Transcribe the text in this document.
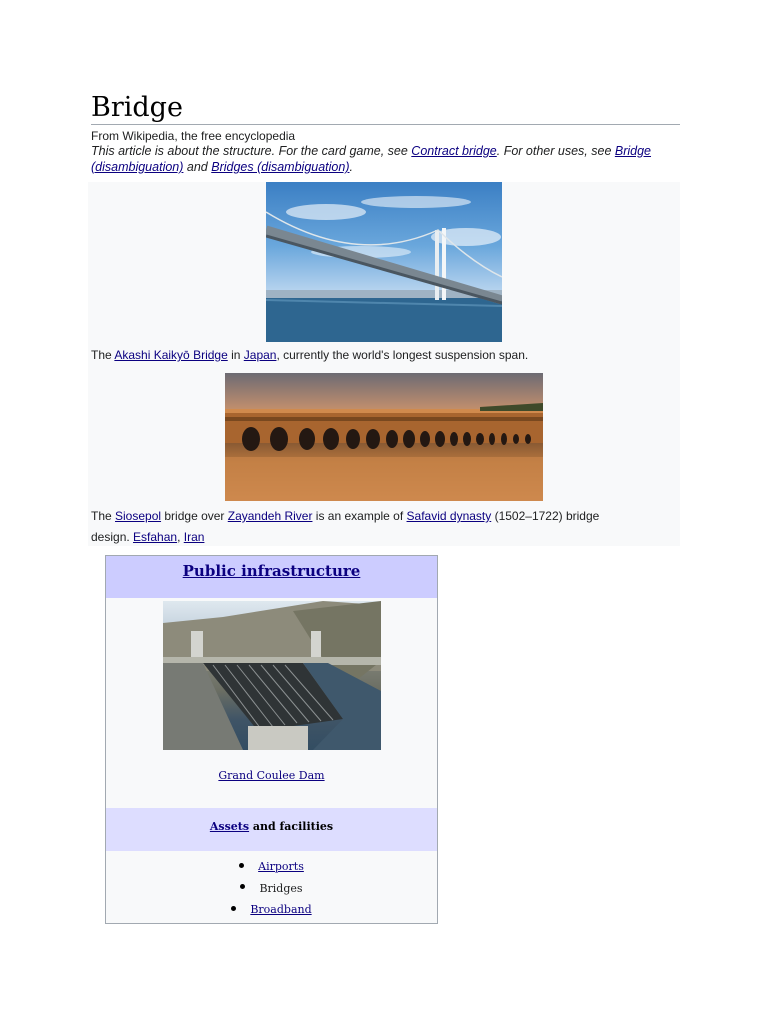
Bridge
From Wikipedia, the free encyclopedia
This article is about the structure. For the card game, see Contract bridge. For other uses, see Bridge (disambiguation) and Bridges (disambiguation).
The Akashi Kaikyō Bridge in Japan, currently the world's longest suspension span.
The Siosepol bridge over Zayandeh River is an example of Safavid dynasty (1502–1722) bridge design. Esfahan, Iran
Public infrastructure
Grand Coulee Dam
Assets and facilities
Airports
Bridges
Broadband
